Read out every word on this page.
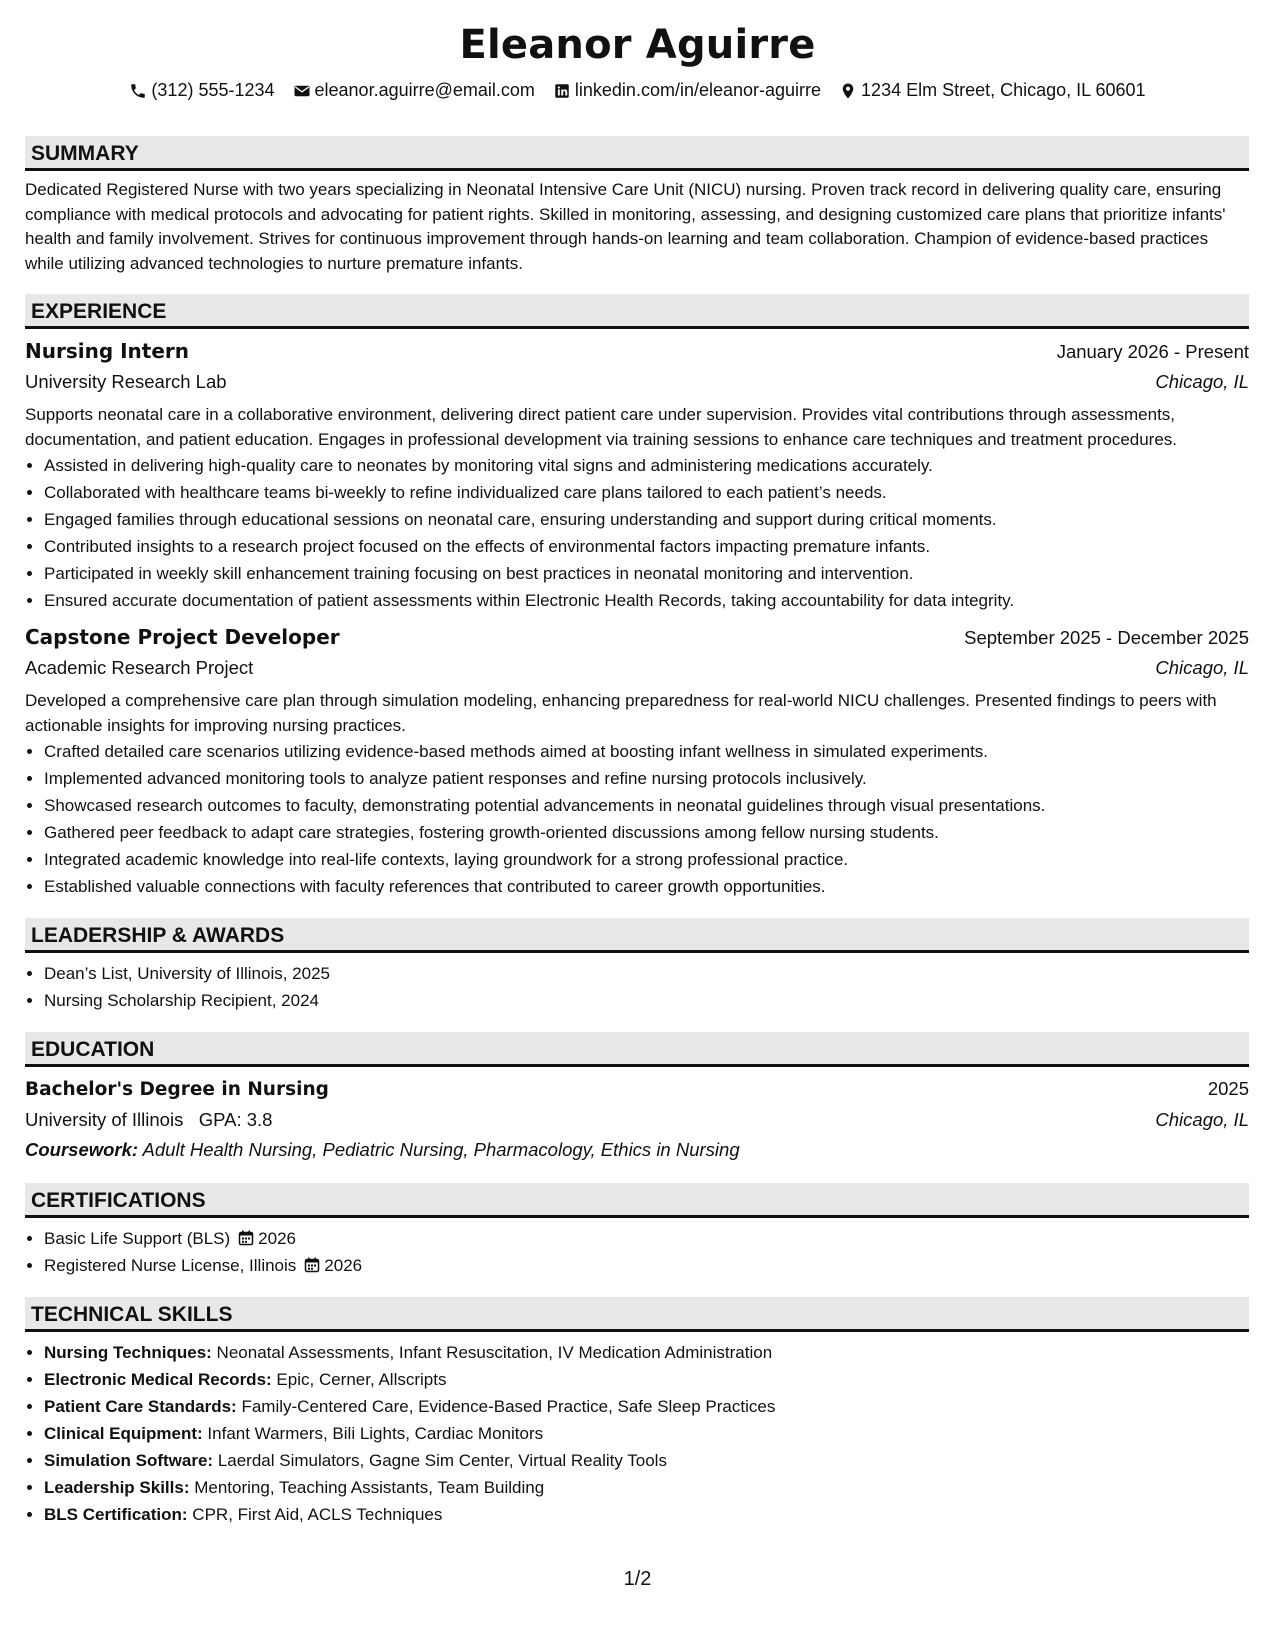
Eleanor Aguirre
(312) 555-1234 eleanor.aguirre@email.com linkedin.com/in/eleanor-aguirre 1234 Elm Street, Chicago, IL 60601
SUMMARY
Dedicated Registered Nurse with two years specializing in Neonatal Intensive Care Unit (NICU) nursing. Proven track record in delivering quality care, ensuring compliance with medical protocols and advocating for patient rights. Skilled in monitoring, assessing, and designing customized care plans that prioritize infants' health and family involvement. Strives for continuous improvement through hands-on learning and team collaboration. Champion of evidence-based practices while utilizing advanced technologies to nurture premature infants.
EXPERIENCE
Nursing Intern	January 2026 - Present
University Research Lab	Chicago, IL
Supports neonatal care in a collaborative environment, delivering direct patient care under supervision. Provides vital contributions through assessments, documentation, and patient education. Engages in professional development via training sessions to enhance care techniques and treatment procedures.
• Assisted in delivering high-quality care to neonates by monitoring vital signs and administering medications accurately.
• Collaborated with healthcare teams bi-weekly to refine individualized care plans tailored to each patient’s needs.
• Engaged families through educational sessions on neonatal care, ensuring understanding and support during critical moments.
• Contributed insights to a research project focused on the effects of environmental factors impacting premature infants.
• Participated in weekly skill enhancement training focusing on best practices in neonatal monitoring and intervention.
• Ensured accurate documentation of patient assessments within Electronic Health Records, taking accountability for data integrity.
Capstone Project Developer	September 2025 - December 2025
Academic Research Project	Chicago, IL
Developed a comprehensive care plan through simulation modeling, enhancing preparedness for real-world NICU challenges. Presented findings to peers with actionable insights for improving nursing practices.
• Crafted detailed care scenarios utilizing evidence-based methods aimed at boosting infant wellness in simulated experiments.
• Implemented advanced monitoring tools to analyze patient responses and refine nursing protocols inclusively.
• Showcased research outcomes to faculty, demonstrating potential advancements in neonatal guidelines through visual presentations.
• Gathered peer feedback to adapt care strategies, fostering growth-oriented discussions among fellow nursing students.
• Integrated academic knowledge into real-life contexts, laying groundwork for a strong professional practice.
• Established valuable connections with faculty references that contributed to career growth opportunities.
LEADERSHIP & AWARDS
• Dean’s List, University of Illinois, 2025
• Nursing Scholarship Recipient, 2024
EDUCATION
Bachelor's Degree in Nursing	2025
University of Illinois GPA: 3.8	Chicago, IL
Coursework: Adult Health Nursing, Pediatric Nursing, Pharmacology, Ethics in Nursing
CERTIFICATIONS
• Basic Life Support (BLS) 2026
• Registered Nurse License, Illinois 2026
TECHNICAL SKILLS
• Nursing Techniques: Neonatal Assessments, Infant Resuscitation, IV Medication Administration
• Electronic Medical Records: Epic, Cerner, Allscripts
• Patient Care Standards: Family-Centered Care, Evidence-Based Practice, Safe Sleep Practices
• Clinical Equipment: Infant Warmers, Bili Lights, Cardiac Monitors
• Simulation Software: Laerdal Simulators, Gagne Sim Center, Virtual Reality Tools
• Leadership Skills: Mentoring, Teaching Assistants, Team Building
• BLS Certification: CPR, First Aid, ACLS Techniques
1/2
